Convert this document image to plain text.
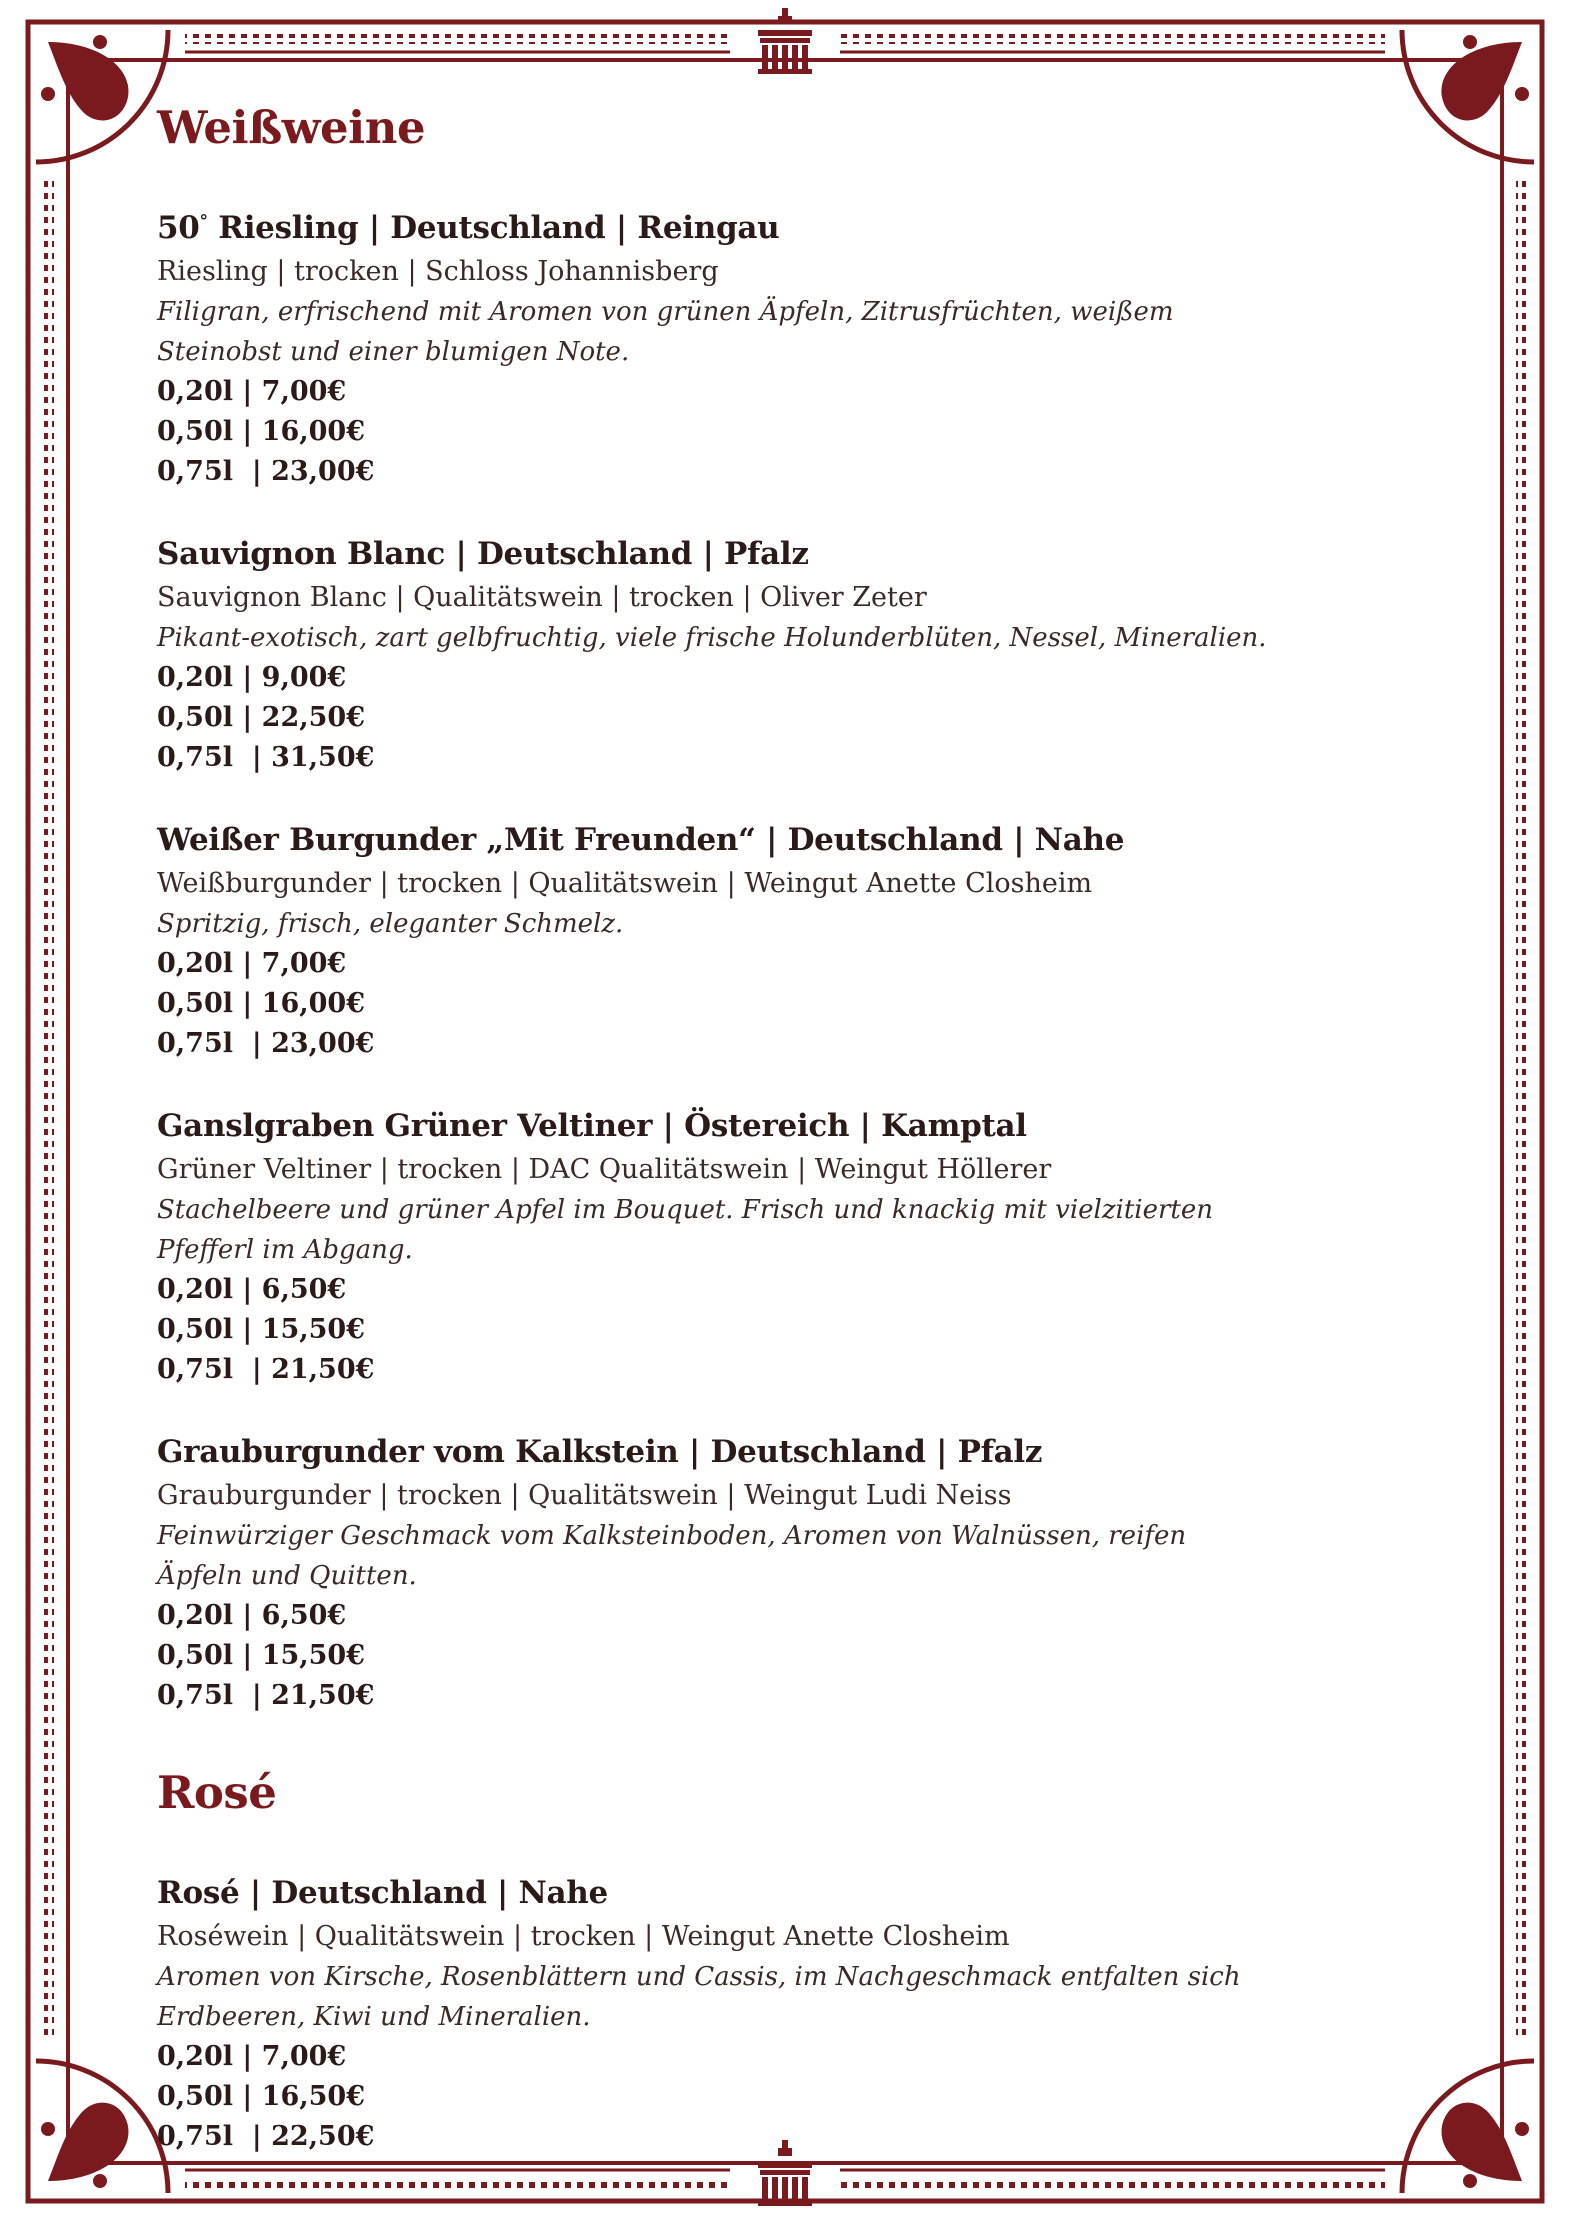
Weißweine
50° Riesling | Deutschland | Reingau
Riesling | trocken | Schloss Johannisberg
Filigran, erfrischend mit Aromen von grünen Äpfeln, Zitrusfrüchten, weißem Steinobst und einer blumigen Note.
0,20l | 7,00€
0,50l | 16,00€
0,75l  | 23,00€
Sauvignon Blanc | Deutschland | Pfalz
Sauvignon Blanc | Qualitätswein | trocken | Oliver Zeter
Pikant-exotisch, zart gelbfruchtig, viele frische Holunderblüten, Nessel, Mineralien.
0,20l | 9,00€
0,50l | 22,50€
0,75l  | 31,50€
Weißer Burgunder „Mit Freunden“ | Deutschland | Nahe
Weißburgunder | trocken | Qualitätswein | Weingut Anette Closheim
Spritzig, frisch, eleganter Schmelz.
0,20l | 7,00€
0,50l | 16,00€
0,75l  | 23,00€
Ganslgraben Grüner Veltiner | Östereich | Kamptal
Grüner Veltiner | trocken | DAC Qualitätswein | Weingut Höllerer
Stachelbeere und grüner Apfel im Bouquet. Frisch und knackig mit vielzitierten Pfefferl im Abgang.
0,20l | 6,50€
0,50l | 15,50€
0,75l  | 21,50€
Grauburgunder vom Kalkstein | Deutschland | Pfalz
Grauburgunder | trocken | Qualitätswein | Weingut Ludi Neiss
Feinwürziger Geschmack vom Kalksteinboden, Aromen von Walnüssen, reifen Äpfeln und Quitten.
0,20l | 6,50€
0,50l | 15,50€
0,75l  | 21,50€
Rosé
Rosé | Deutschland | Nahe
Roséwein | Qualitätswein | trocken | Weingut Anette Closheim
Aromen von Kirsche, Rosenblättern und Cassis, im Nachgeschmack entfalten sich Erdbeeren, Kiwi und Mineralien.
0,20l | 7,00€
0,50l | 16,50€
0,75l  | 22,50€
